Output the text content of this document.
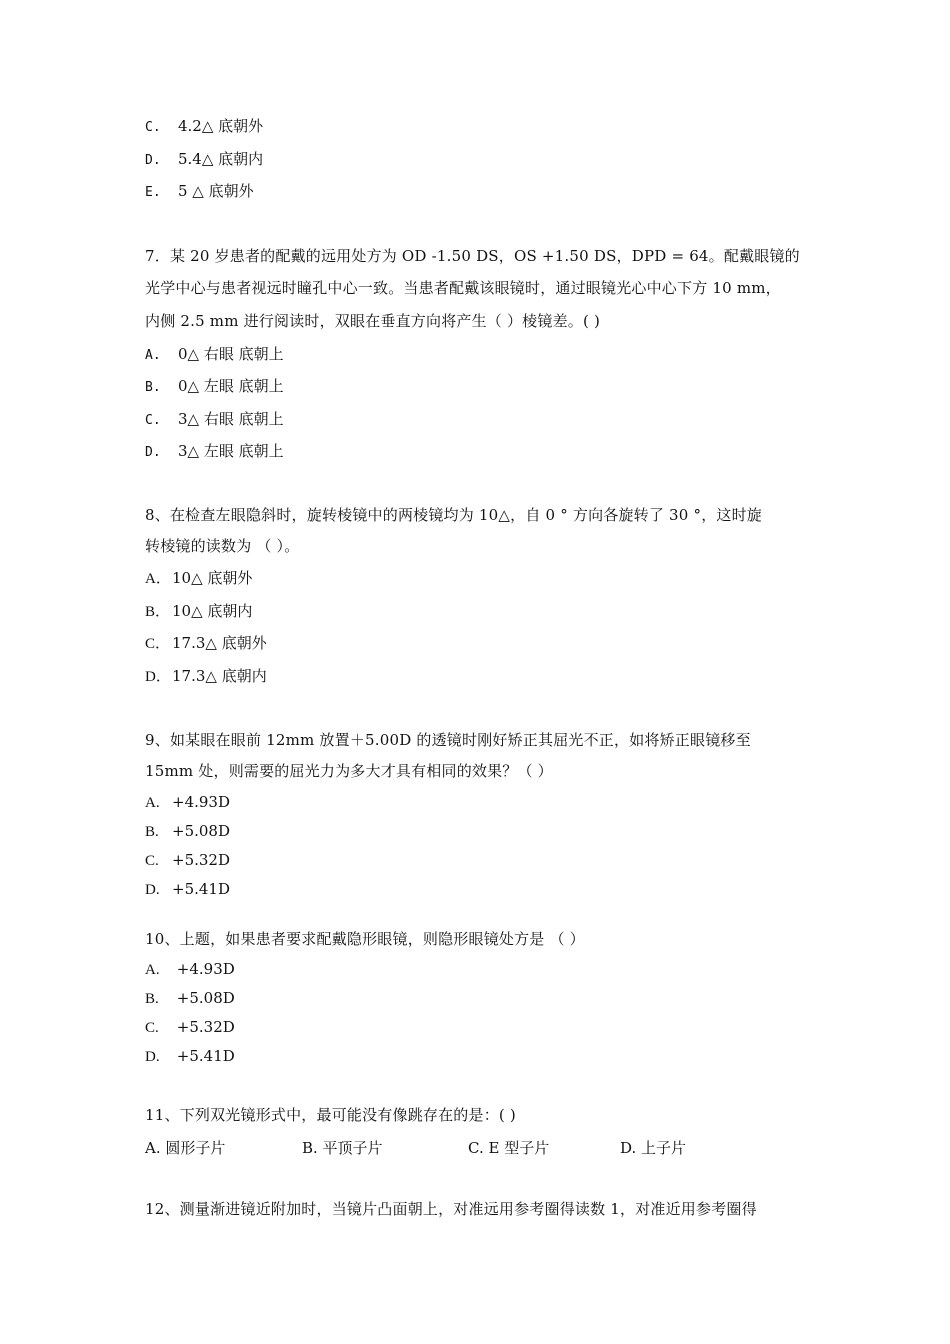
C. 4.2△ 底朝外
D. 5.4△ 底朝内
E. 5 △ 底朝外
7．某 20 岁患者的配戴的远用处方为 OD -1.50 DS，OS +1.50 DS，DPD = 64。配戴眼镜的
光学中心与患者视远时瞳孔中心一致。当患者配戴该眼镜时，通过眼镜光心中心下方 10 mm，
内侧 2.5 mm 进行阅读时，双眼在垂直方向将产生（ ）棱镜差。( )
A. 0△ 右眼 底朝上
B. 0△ 左眼 底朝上
C. 3△ 右眼 底朝上
D. 3△ 左眼 底朝上
8、在检查左眼隐斜时，旋转棱镜中的两棱镜均为 10△，自 0 ° 方向各旋转了 30 °，这时旋
转棱镜的读数为 （ ）。
A．10△ 底朝外
B． 10△ 底朝内
C． 17.3△ 底朝外
D．17.3△ 底朝内
9、如某眼在眼前 12mm 放置＋5.00D 的透镜时刚好矫正其屈光不正，如将矫正眼镜移至
15mm 处，则需要的屈光力为多大才具有相同的效果？（ ）
A. +4.93D
B. +5.08D
C. +5.32D
D. +5.41D
10、上题，如果患者要求配戴隐形眼镜，则隐形眼镜处方是 （ ）
A. +4.93D
B. +5.08D
C. +5.32D
D. +5.41D
11、下列双光镜形式中，最可能没有像跳存在的是：( )
A. 圆形子片	B. 平顶子片	C. E 型子片	D. 上子片
12、测量渐进镜近附加时，当镜片凸面朝上，对准远用参考圈得读数 1，对准近用参考圈得
